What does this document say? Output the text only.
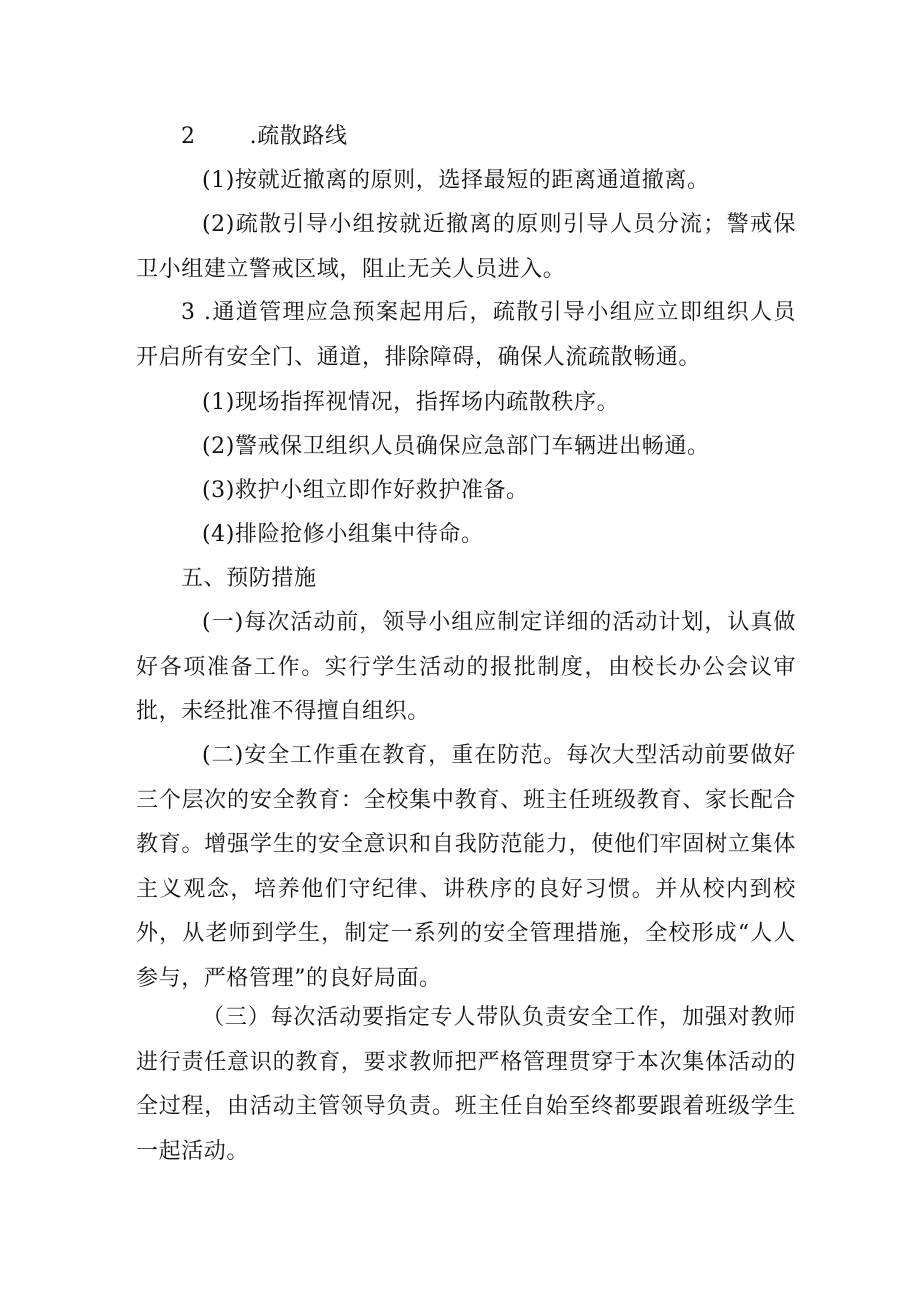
2 .疏散路线

(1)按就近撤离的原则，选择最短的距离通道撤离。

(2)疏散引导小组按就近撤离的原则引导人员分流；警戒保卫小组建立警戒区域，阻止无关人员进入。

3 .通道管理应急预案起用后，疏散引导小组应立即组织人员开启所有安全门、通道，排除障碍，确保人流疏散畅通。

(1)现场指挥视情况，指挥场内疏散秩序。

(2)警戒保卫组织人员确保应急部门车辆进出畅通。

(3)救护小组立即作好救护准备。

(4)排险抢修小组集中待命。

五、预防措施

(一)每次活动前，领导小组应制定详细的活动计划，认真做好各项准备工作。实行学生活动的报批制度，由校长办公会议审批，未经批准不得擅自组织。

(二)安全工作重在教育，重在防范。每次大型活动前要做好三个层次的安全教育：全校集中教育、班主任班级教育、家长配合教育。增强学生的安全意识和自我防范能力，使他们牢固树立集体主义观念，培养他们守纪律、讲秩序的良好习惯。并从校内到校外，从老师到学生，制定一系列的安全管理措施，全校形成“人人参与，严格管理”的良好局面。

（三）每次活动要指定专人带队负责安全工作，加强对教师进行责任意识的教育，要求教师把严格管理贯穿于本次集体活动的全过程，由活动主管领导负责。班主任自始至终都要跟着班级学生一起活动。
